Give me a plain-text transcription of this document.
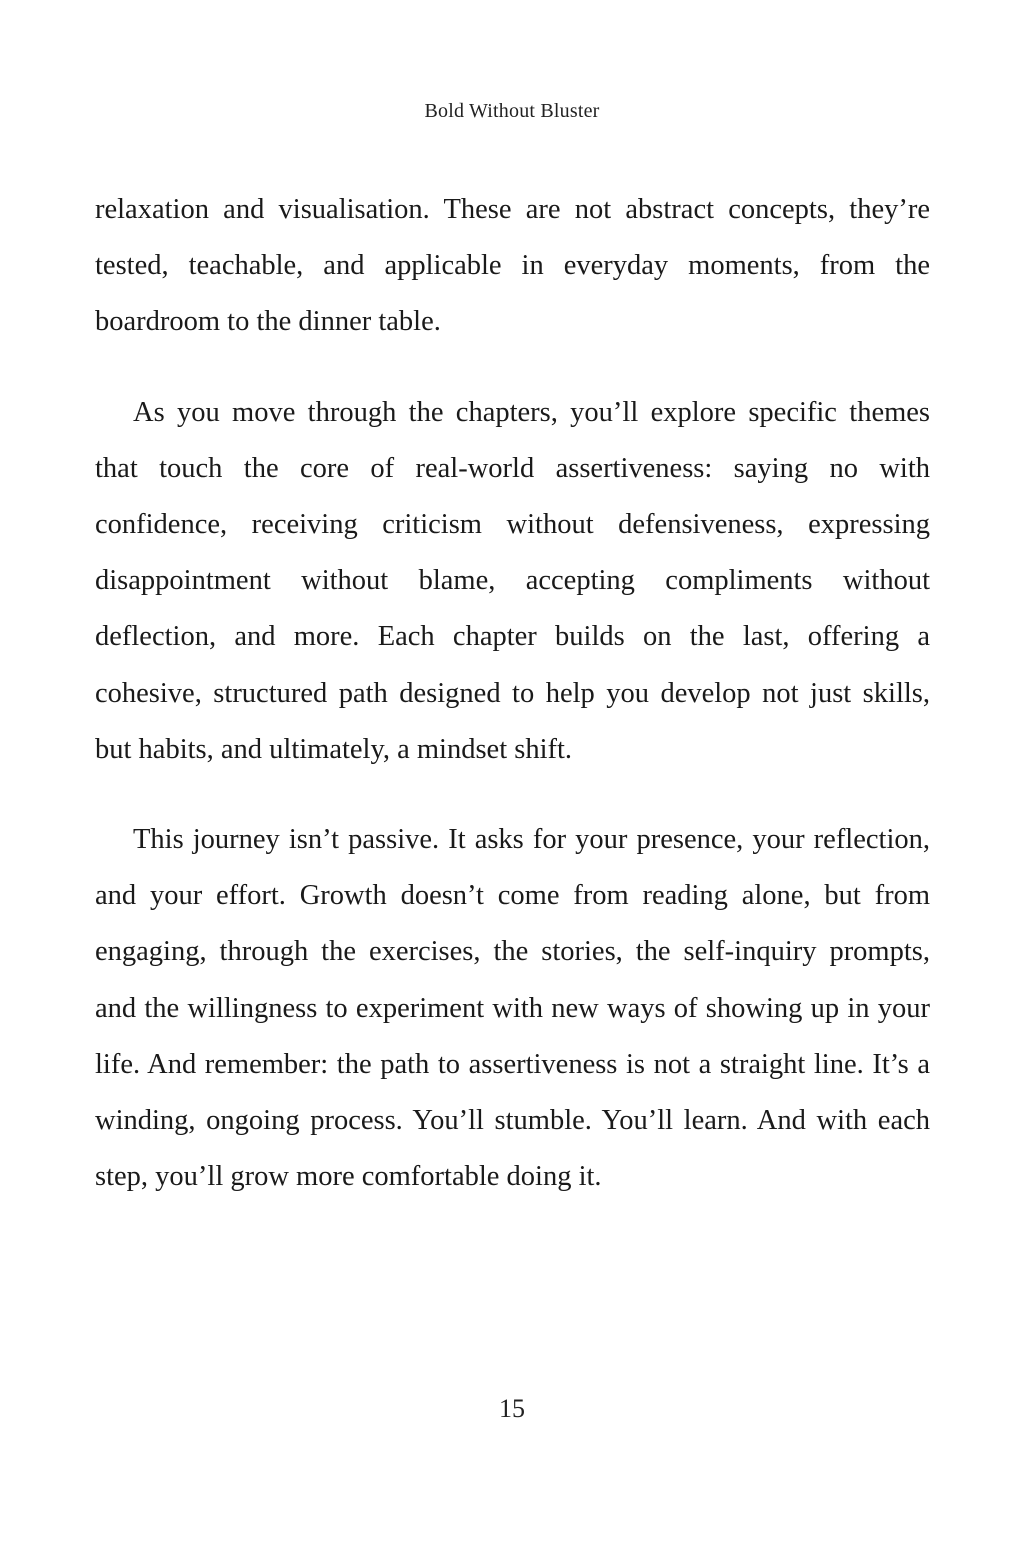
Bold Without Bluster

relaxation and visualisation. These are not abstract concepts, they’re tested, teachable, and applicable in everyday moments, from the boardroom to the dinner table.

As you move through the chapters, you’ll explore specific themes that touch the core of real-world assertiveness: saying no with confidence, receiving criticism without defensiveness, expressing disappointment without blame, accepting compliments without deflection, and more. Each chapter builds on the last, offering a cohesive, structured path designed to help you develop not just skills, but habits, and ultimately, a mindset shift.

This journey isn’t passive. It asks for your presence, your reflection, and your effort. Growth doesn’t come from reading alone, but from engaging, through the exercises, the stories, the self-inquiry prompts, and the willingness to experiment with new ways of showing up in your life. And remember: the path to assertiveness is not a straight line. It’s a winding, ongoing process. You’ll stumble. You’ll learn. And with each step, you’ll grow more comfortable doing it.

15
